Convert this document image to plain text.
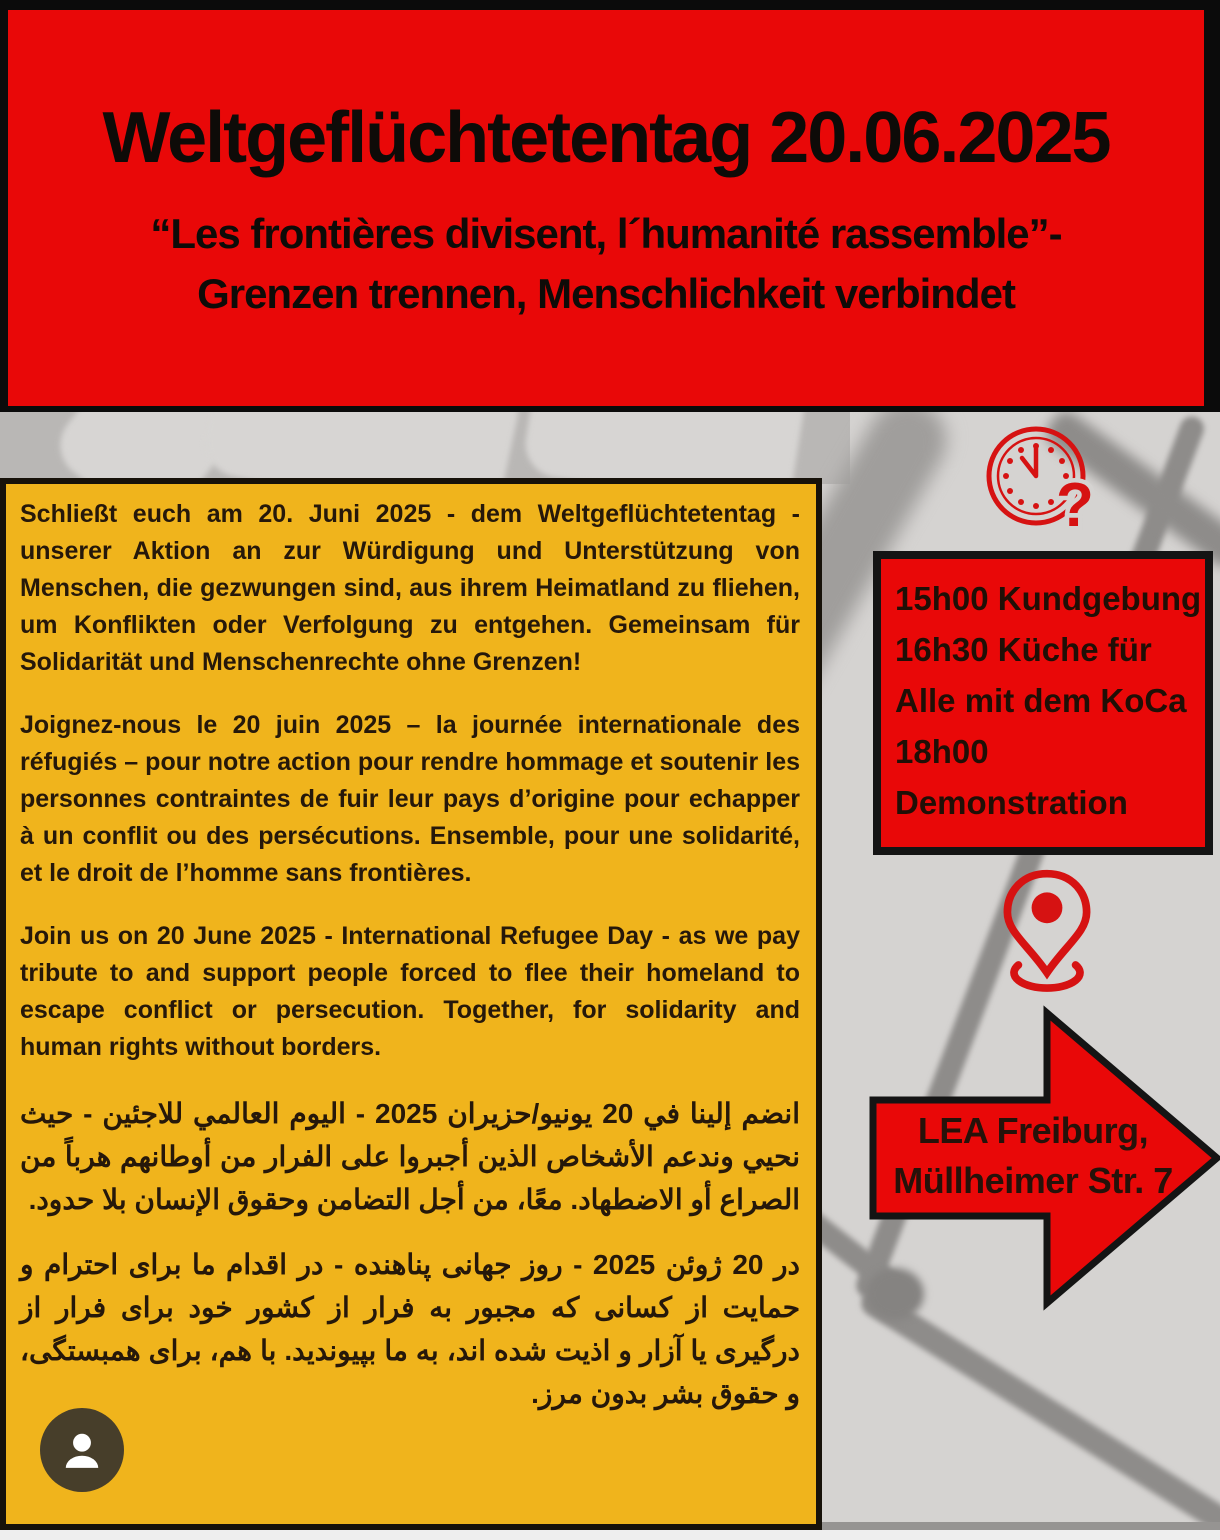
Weltgeflüchtetentag 20.06.2025
“Les frontières divisent, l´humanité rassemble”-
Grenzen trennen, Menschlichkeit verbindet

Schließt euch am 20. Juni 2025 - dem Weltgeflüchtetentag - unserer Aktion an zur Würdigung und Unterstützung von Menschen, die gezwungen sind, aus ihrem Heimatland zu fliehen, um Konflikten oder Verfolgung zu entgehen. Gemeinsam für Solidarität und Menschenrechte ohne Grenzen!

Joignez-nous le 20 juin 2025 – la journée internationale des réfugiés – pour notre action pour rendre hommage et soutenir les personnes contraintes de fuir leur pays d’origine pour echapper à un conflit ou des persécutions. Ensemble, pour une solidarité, et le droit de l’homme sans frontières.

Join us on 20 June 2025 - International Refugee Day - as we pay tribute to and support people forced to flee their homeland to escape conflict or persecution. Together, for solidarity and human rights without borders.

انضم إلينا في 20 يونيو/حزيران 2025 - اليوم العالمي للاجئين - حيث نحيي وندعم الأشخاص الذين أجبروا على الفرار من أوطانهم هرباً من الصراع أو الاضطهاد. معًا، من أجل التضامن وحقوق الإنسان بلا حدود.

در 20 ژوئن 2025 - روز جهانی پناهنده - در اقدام ما برای احترام و حمایت از کسانی که مجبور به فرار از کشور خود برای فرار از درگیری یا آزار و اذیت شده اند، به ما بپیوندید. با هم، برای همبستگی، و حقوق بشر بدون مرز.

?
15h00 Kundgebung
16h30 Küche für
Alle mit dem KoCa
18h00
Demonstration
LEA Freiburg,
Müllheimer Str. 7
